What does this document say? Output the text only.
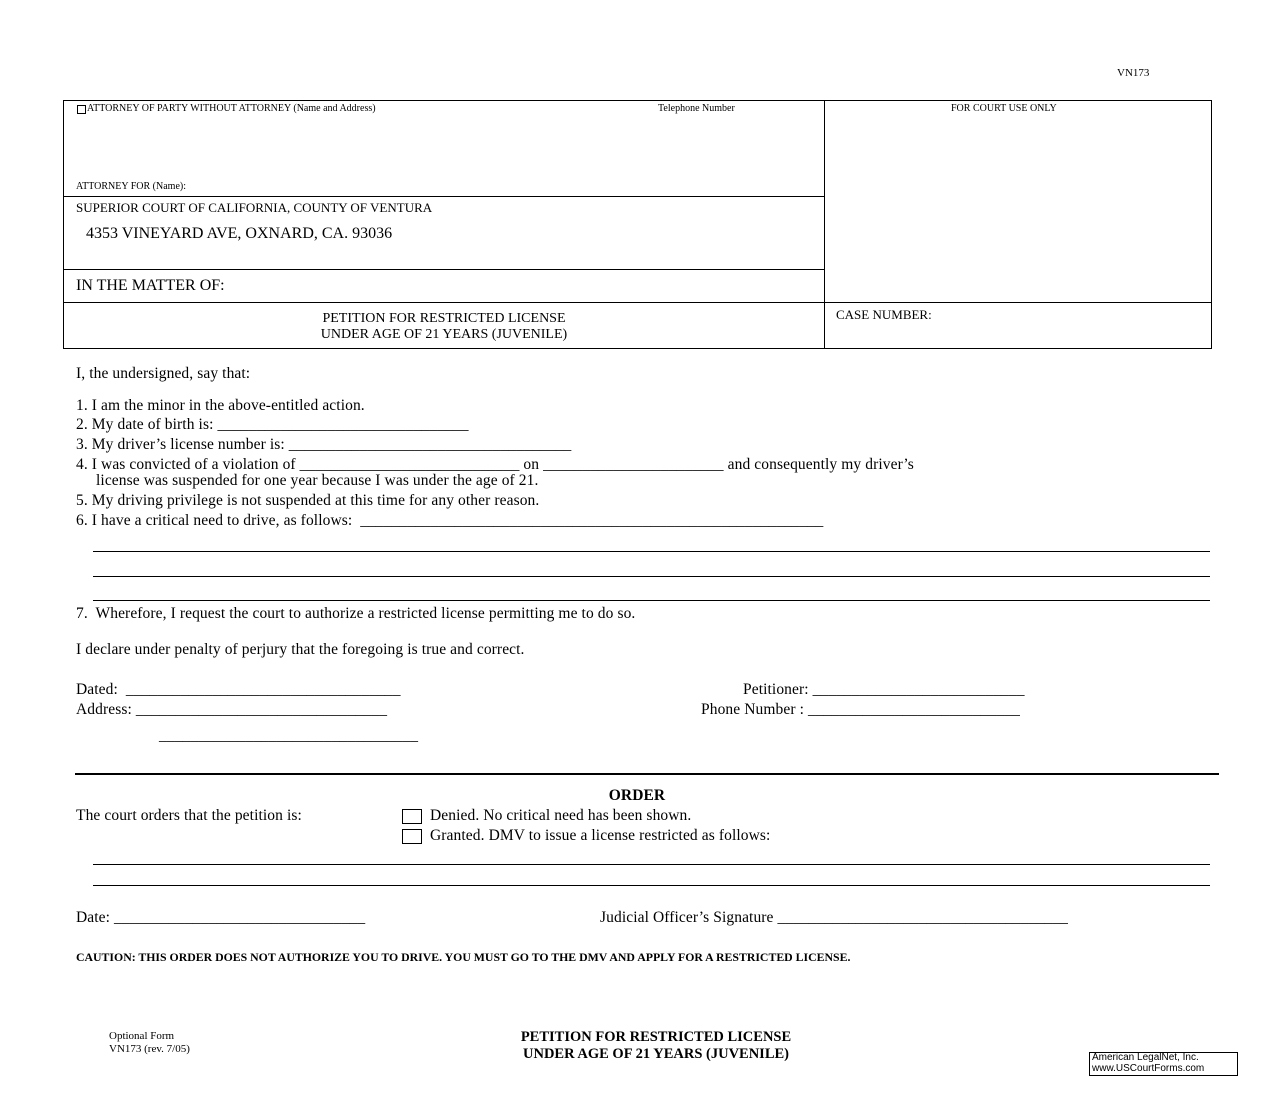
VN173
ATTORNEY OF PARTY WITHOUT ATTORNEY (Name and Address)	Telephone Number	FOR COURT USE ONLY
ATTORNEY FOR (Name):
SUPERIOR COURT OF CALIFORNIA, COUNTY OF VENTURA
4353 VINEYARD AVE, OXNARD, CA. 93036
IN THE MATTER OF:
PETITION FOR RESTRICTED LICENSE
UNDER AGE OF 21 YEARS (JUVENILE)
CASE NUMBER:
I, the undersigned, say that:
1. I am the minor in the above-entitled action.
2. My date of birth is: ________________________________
3. My driver’s license number is: ____________________________________
4. I was convicted of a violation of ____________________________ on _______________________ and consequently my driver’s
license was suspended for one year because I was under the age of 21.
5. My driving privilege is not suspended at this time for any other reason.
6. I have a critical need to drive, as follows:  ___________________________________________________________
7.  Wherefore, I request the court to authorize a restricted license permitting me to do so.
I declare under penalty of perjury that the foregoing is true and correct.
Dated:  ___________________________________
Address: ________________________________
_________________________________
Petitioner: ___________________________
Phone Number : ___________________________
ORDER
The court orders that the petition is:	Denied. No critical need has been shown.
Granted. DMV to issue a license restricted as follows:
Date: ________________________________	Judicial Officer’s Signature _____________________________________
CAUTION: THIS ORDER DOES NOT AUTHORIZE YOU TO DRIVE. YOU MUST GO TO THE DMV AND APPLY FOR A RESTRICTED LICENSE.
Optional Form
VN173 (rev. 7/05)
PETITION FOR RESTRICTED LICENSE
UNDER AGE OF 21 YEARS (JUVENILE)	American LegalNet, Inc.
www.USCourtForms.com
